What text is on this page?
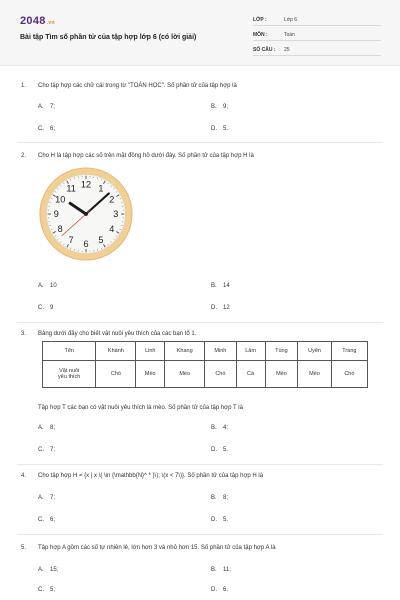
2048.vn
Bài tập Tìm số phần tử của tập hợp lớp 6 (có lời giải)
LỚP :	Lớp 6
MÔN :	Toán
SỐ CÂU : 25
1. Cho tập hợp các chữ cái trong từ "TOÁN HỌC". Số phần tử của tập hợp là
A. 7;	B. 9;
C. 6;	D. 5.
2. Cho H là tập hợp các số trên mặt đồng hồ dưới đây. Số phần tử của tập hợp H là
12 1
2
3
4
5
6
7
8
9
10
11
A. 10	B. 14
C. 9	D. 12
3. Bảng dưới đây cho biết vật nuôi yêu thích của các bạn tổ 1.
Tên	Khánh	Linh	Khang	Minh	Lâm	Tùng	Uyên	Trang
Vật nuôi
yêu thích	Chó	Mèo	Mèo	Chó	Cá	Mèo	Mèo	Chó
Tập hợp T các bạn có vật nuôi yêu thích là mèo. Số phần tử của tập hợp T là
A. 8;	B. 4;
C. 7;	D. 5.
4. Cho tập hợp H = {x | x \( \in {\mathbb{N}^ * }\); \(x < 7\)}. Số phần tử của tập hợp H là
A. 7;	B. 8;
C. 6;	D. 5.
5. Tập hợp A gồm các số tự nhiên lẻ, lớn hơn 3 và nhỏ hơn 15. Số phần tử của tập hợp A là
A. 15;	B. 11;
C. 5;	D. 6.
